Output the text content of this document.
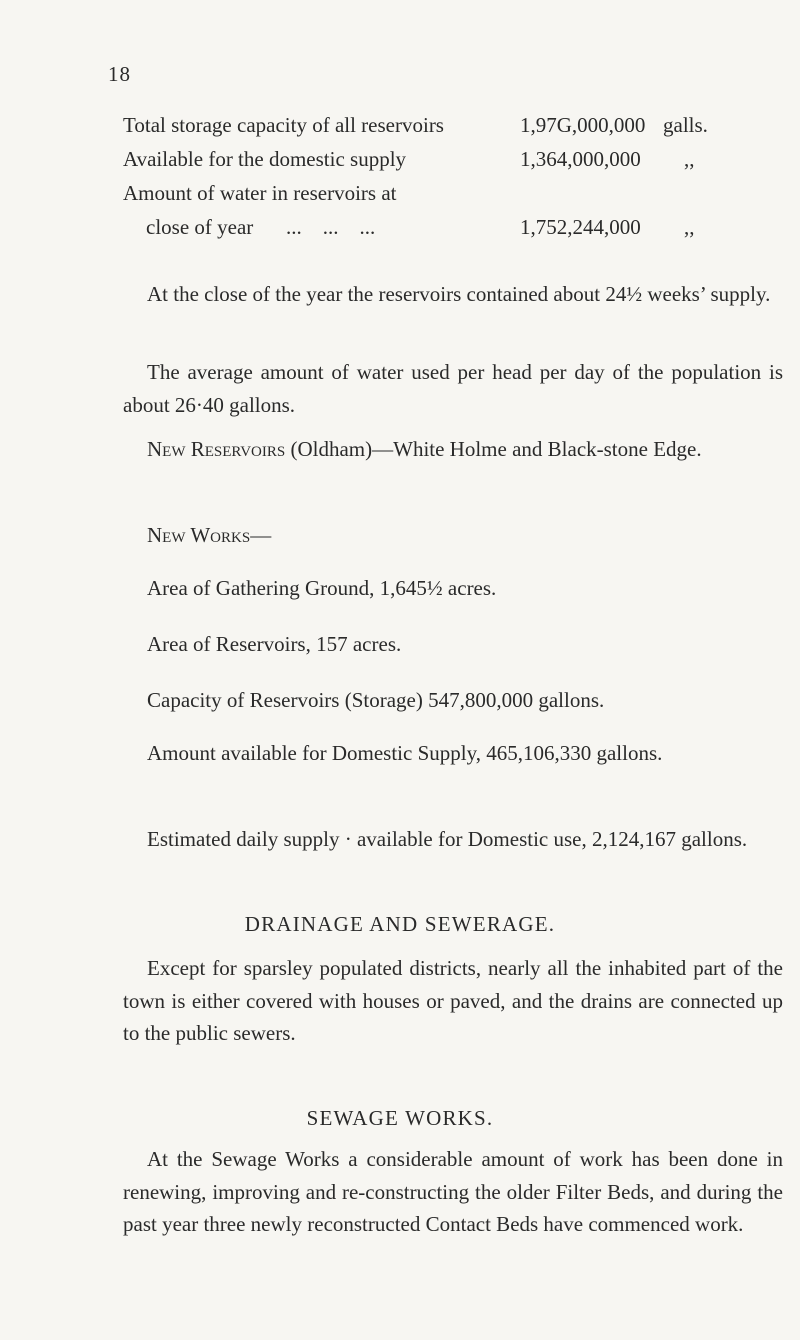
18
Total storage capacity of all reservoirs	1,97G,000,000 galls.
Available for the domestic supply	1,364,000,000 ,,
Amount of water in reservoirs at
close of year ...    ...    ...	1,752,244,000 ,,
At the close of the year the reservoirs contained about 24½ weeks’ supply.
The average amount of water used per head per day of the population is about 26·40 gallons.
New Reservoirs (Oldham)—White Holme and Black-stone Edge.
New Works—
Area of Gathering Ground, 1,645½ acres.
Area of Reservoirs, 157 acres.
Capacity of Reservoirs (Storage) 547,800,000 gallons.
Amount available for Domestic Supply, 465,106,330 gallons.
Estimated daily supply · available for Domestic use, 2,124,167 gallons.
DRAINAGE AND SEWERAGE.
Except for sparsley populated districts, nearly all the inhabited part of the town is either covered with houses or paved, and the drains are connected up to the public sewers.
SEWAGE WORKS.
At the Sewage Works a considerable amount of work has been done in renewing, improving and re-constructing the older Filter Beds, and during the past year three newly reconstructed Contact Beds have commenced work.
